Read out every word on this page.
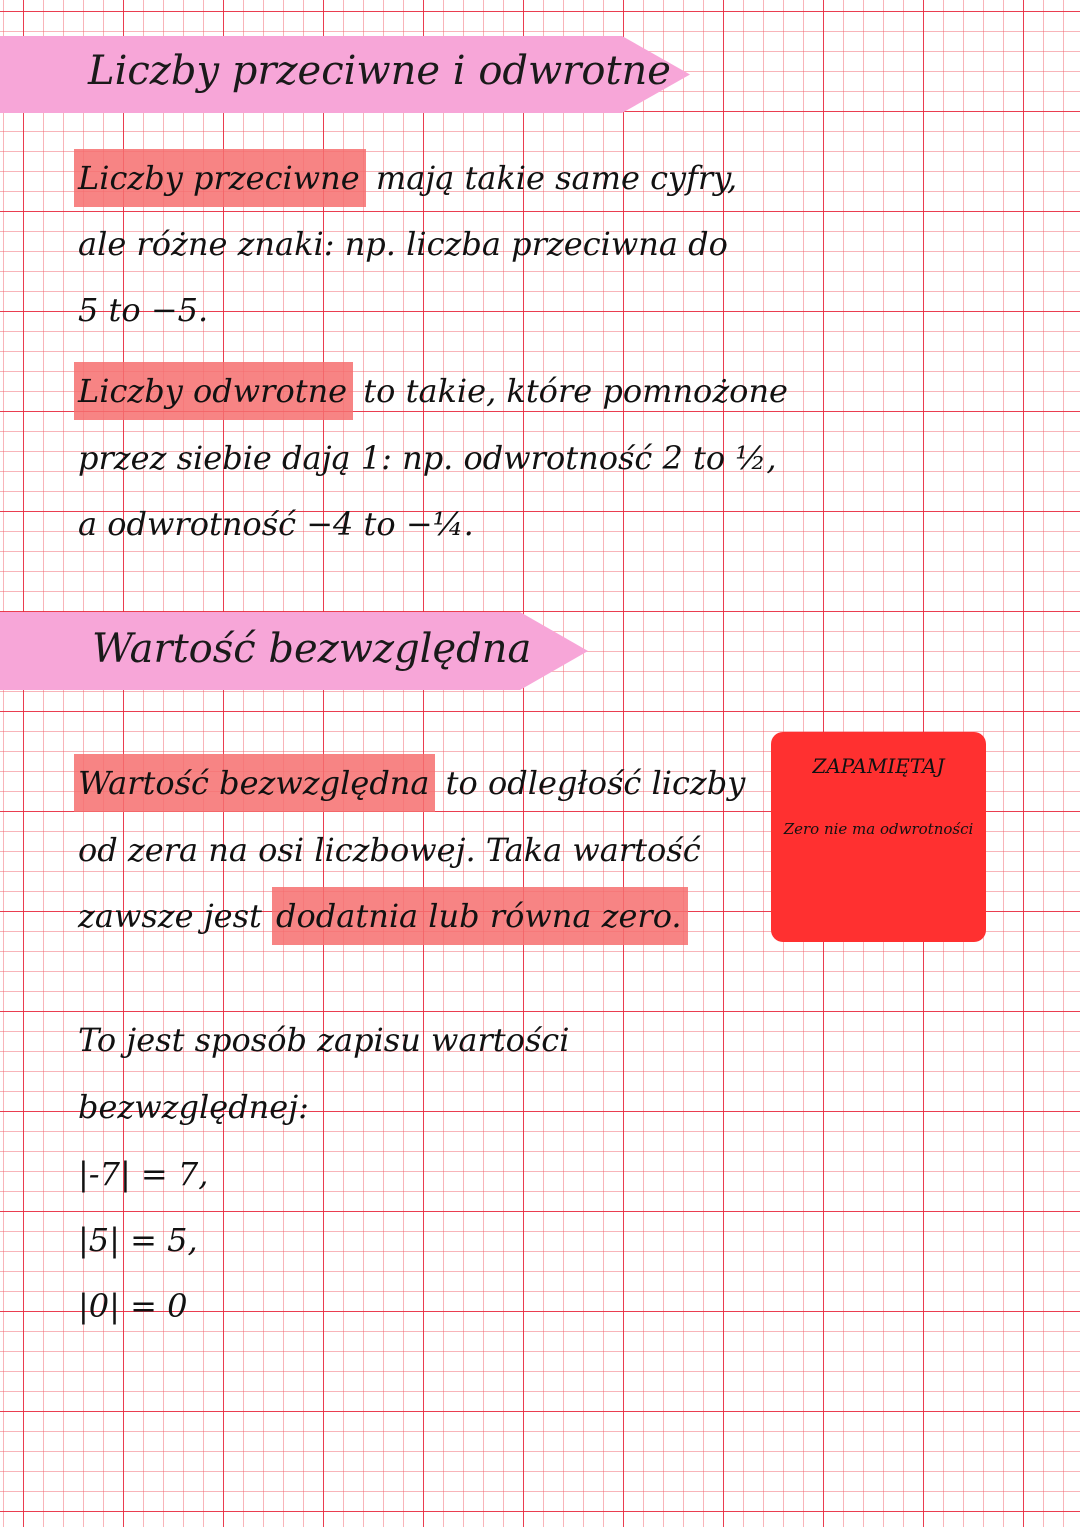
Liczby przeciwne i odwrotne
Liczby przeciwne mają takie same cyfry,
ale różne znaki: np. liczba przeciwna do
5 to −5.
Liczby odwrotne to takie, które pomnożone
przez siebie dają 1: np. odwrotność 2 to ½,
a odwrotność −4 to −¼.
Wartość bezwzględna
Wartość bezwzględna to odległość liczby
od zera na osi liczbowej. Taka wartość
zawsze jest dodatnia lub równa zero.
To jest sposób zapisu wartości
bezwzględnej:
|-7| = 7,
|5| = 5,
|0| = 0
ZAPAMIĘTAJ
Zero nie ma odwrotności
